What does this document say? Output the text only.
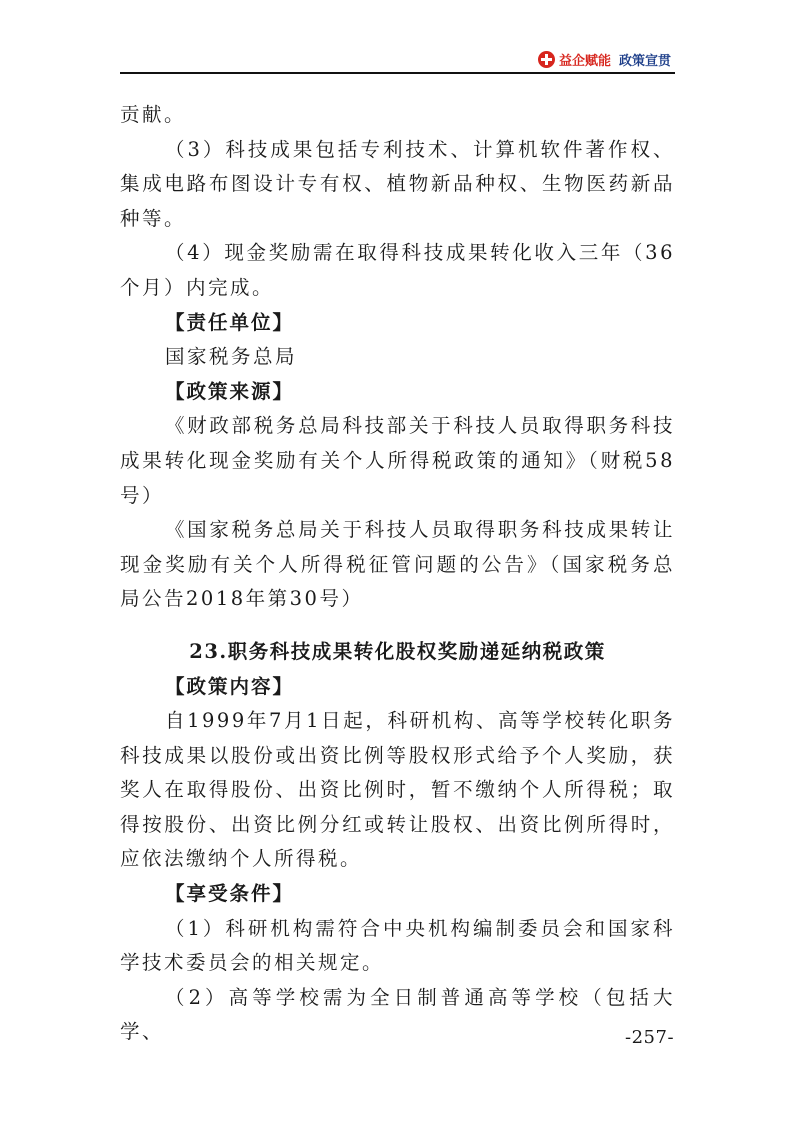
益企赋能 政策宣贯

贡献。

（3）科技成果包括专利技术、计算机软件著作权、集成电路布图设计专有权、植物新品种权、生物医药新品种等。

（4）现金奖励需在取得科技成果转化收入三年（36个月）内完成。

【责任单位】

国家税务总局

【政策来源】

《财政部税务总局科技部关于科技人员取得职务科技成果转化现金奖励有关个人所得税政策的通知》（财税58号）

《国家税务总局关于科技人员取得职务科技成果转让现金奖励有关个人所得税征管问题的公告》（国家税务总局公告2018年第30号）

23.职务科技成果转化股权奖励递延纳税政策

【政策内容】

自1999年7月1日起，科研机构、高等学校转化职务科技成果以股份或出资比例等股权形式给予个人奖励，获奖人在取得股份、出资比例时，暂不缴纳个人所得税；取得按股份、出资比例分红或转让股权、出资比例所得时，应依法缴纳个人所得税。

【享受条件】

（1）科研机构需符合中央机构编制委员会和国家科学技术委员会的相关规定。

（2）高等学校需为全日制普通高等学校（包括大学、	-257-
